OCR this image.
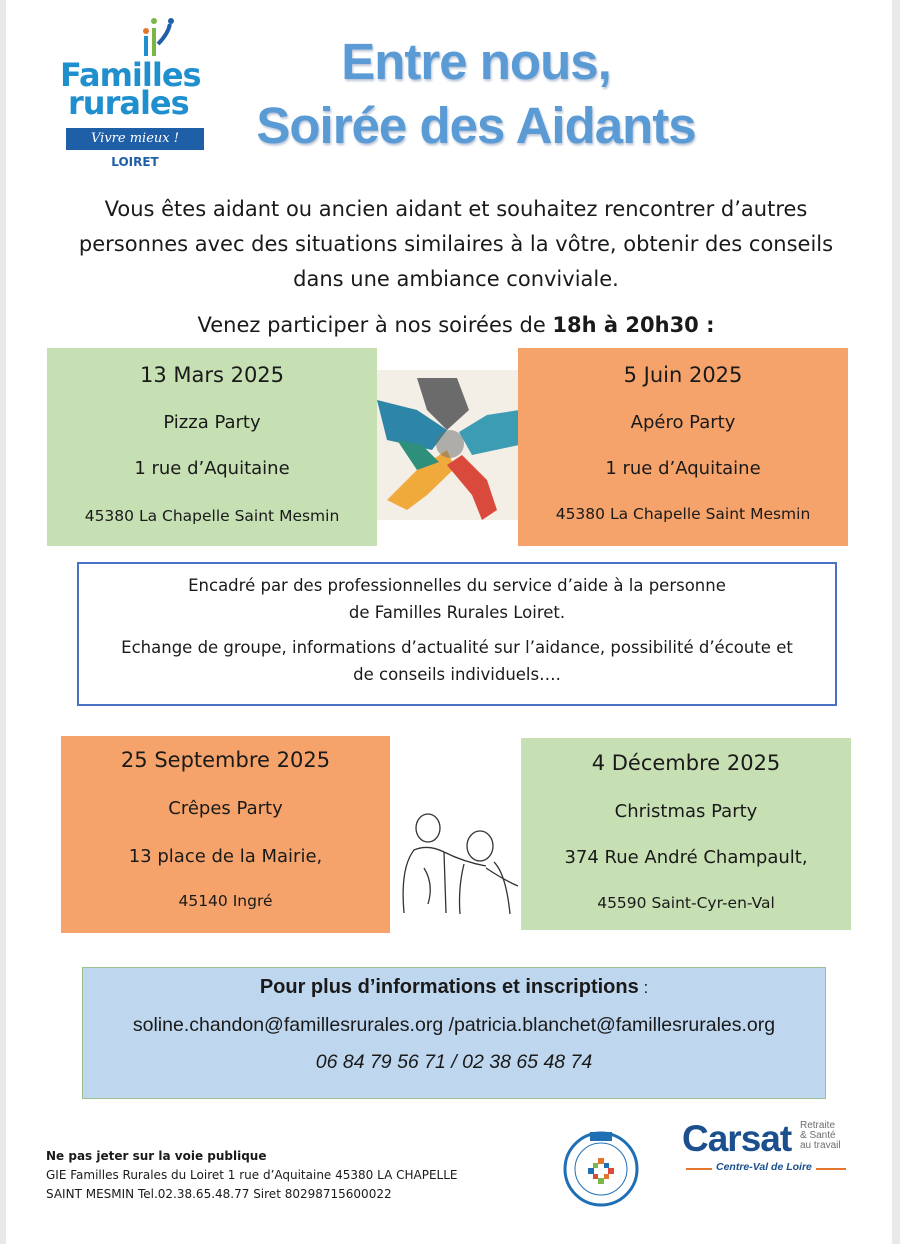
Familles
rurales
Vivre mieux !
LOIRET
Entre nous,
Soirée des Aidants
Vous êtes aidant ou ancien aidant et souhaitez rencontrer d’autres
personnes avec des situations similaires à la vôtre, obtenir des conseils
dans une ambiance conviviale.
Venez participer à nos soirées de 18h à 20h30 :
13 Mars 2025
Pizza Party
1 rue d’Aquitaine
45380 La Chapelle Saint Mesmin
5 Juin 2025
Apéro Party
1 rue d’Aquitaine
45380 La Chapelle Saint Mesmin

Encadré par des professionnelles du service d’aide à la personne

de Familles Rurales Loiret.

Echange de groupe, informations d’actualité sur l’aidance, possibilité d’écoute et

de conseils individuels….

25 Septembre 2025
Crêpes Party
13 place de la Mairie,
45140 Ingré
4 Décembre 2025
Christmas Party
374 Rue André Champault,
45590 Saint-Cyr-en-Val
Pour plus d’informations et inscriptions :
soline.chandon@famillesrurales.org /patricia.blanchet@famillesrurales.org
06 84 79 56 71 / 02 38 65 48 74
Ne pas jeter sur la voie publique
GIE Familles Rurales du Loiret 1 rue d’Aquitaine 45380 LA CHAPELLE
SAINT MESMIN Tel.02.38.65.48.77 Siret 80298715600022
Carsat Retraite
& Santé
au travail
Centre-Val de Loire
